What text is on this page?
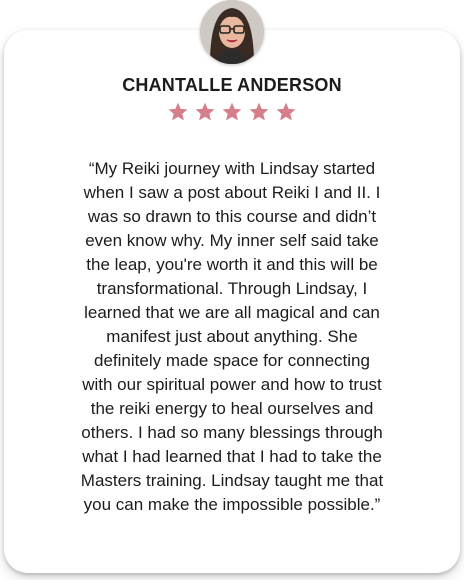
CHANTALLE ANDERSON

“My Reiki journey with Lindsay started
when I saw a post about Reiki I and II. I
was so drawn to this course and didn’t
even know why. My inner self said take
the leap, you're worth it and this will be
transformational. Through Lindsay, I
learned that we are all magical and can
manifest just about anything. She
definitely made space for connecting
with our spiritual power and how to trust
the reiki energy to heal ourselves and
others. I had so many blessings through
what I had learned that I had to take the
Masters training. Lindsay taught me that
you can make the impossible possible.”
